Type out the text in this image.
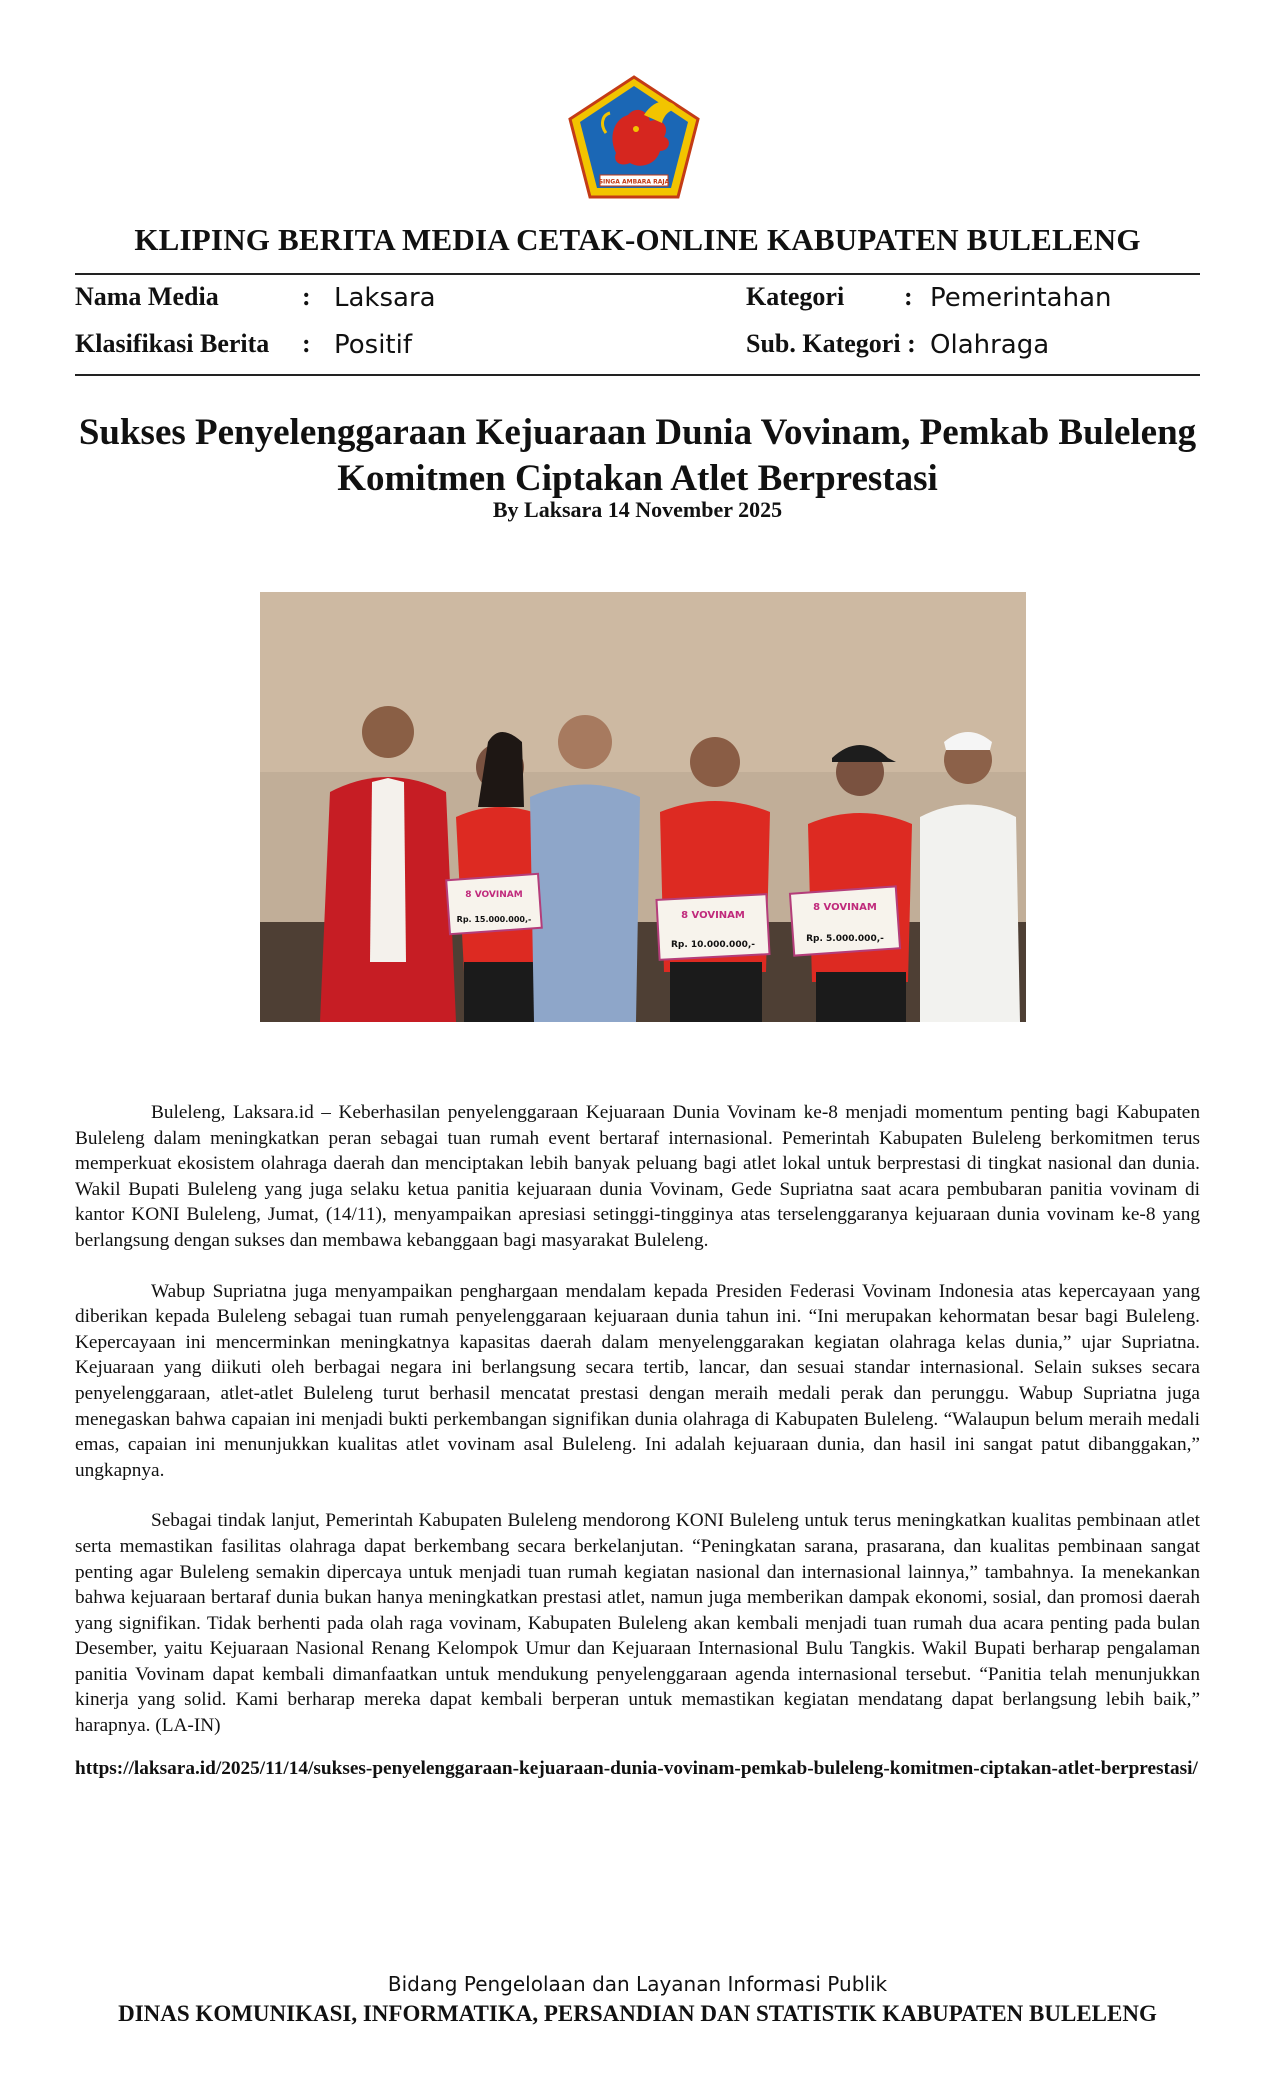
SINGA AMBARA RAJA
KLIPING BERITA MEDIA CETAK-ONLINE KABUPATEN BULELENG
Nama Media	: Laksara
Klasifikasi Berita : Positif
Kategori : Pemerintahan
Sub. Kategori : Olahraga
Sukses Penyelenggaraan Kejuaraan Dunia Vovinam, Pemkab Buleleng
Komitmen Ciptakan Atlet Berprestasi
By Laksara 14 November 2025
8 VOVINAM
Rp. 15.000.000,-	8 VOVINAM
Rp. 10.000.000,-
8 VOVINAM
Rp. 5.000.000,-

Buleleng, Laksara.id – Keberhasilan penyelenggaraan Kejuaraan Dunia Vovinam ke-8 menjadi momentum penting bagi Kabupaten Buleleng dalam meningkatkan peran sebagai tuan rumah event bertaraf internasional. Pemerintah Kabupaten Buleleng berkomitmen terus memperkuat ekosistem olahraga daerah dan menciptakan lebih banyak peluang bagi atlet lokal untuk berprestasi di tingkat nasional dan dunia. Wakil Bupati Buleleng yang juga selaku ketua panitia kejuaraan dunia Vovinam, Gede Supriatna saat acara pembubaran panitia vovinam di kantor KONI Buleleng, Jumat, (14/11), menyampaikan apresiasi setinggi-tingginya atas terselenggaranya kejuaraan dunia vovinam ke-8 yang berlangsung dengan sukses dan membawa kebanggaan bagi masyarakat Buleleng.

Wabup Supriatna juga menyampaikan penghargaan mendalam kepada Presiden Federasi Vovinam Indonesia atas kepercayaan yang diberikan kepada Buleleng sebagai tuan rumah penyelenggaraan kejuaraan dunia tahun ini. “Ini merupakan kehormatan besar bagi Buleleng. Kepercayaan ini mencerminkan meningkatnya kapasitas daerah dalam menyelenggarakan kegiatan olahraga kelas dunia,” ujar Supriatna. Kejuaraan yang diikuti oleh berbagai negara ini berlangsung secara tertib, lancar, dan sesuai standar internasional. Selain sukses secara penyelenggaraan, atlet-atlet Buleleng turut berhasil mencatat prestasi dengan meraih medali perak dan perunggu. Wabup Supriatna juga menegaskan bahwa capaian ini menjadi bukti perkembangan signifikan dunia olahraga di Kabupaten Buleleng. “Walaupun belum meraih medali emas, capaian ini menunjukkan kualitas atlet vovinam asal Buleleng. Ini adalah kejuaraan dunia, dan hasil ini sangat patut dibanggakan,” ungkapnya.

Sebagai tindak lanjut, Pemerintah Kabupaten Buleleng mendorong KONI Buleleng untuk terus meningkatkan kualitas pembinaan atlet serta memastikan fasilitas olahraga dapat berkembang secara berkelanjutan. “Peningkatan sarana, prasarana, dan kualitas pembinaan sangat penting agar Buleleng semakin dipercaya untuk menjadi tuan rumah kegiatan nasional dan internasional lainnya,” tambahnya. Ia menekankan bahwa kejuaraan bertaraf dunia bukan hanya meningkatkan prestasi atlet, namun juga memberikan dampak ekonomi, sosial, dan promosi daerah yang signifikan. Tidak berhenti pada olah raga vovinam, Kabupaten Buleleng akan kembali menjadi tuan rumah dua acara penting pada bulan Desember, yaitu Kejuaraan Nasional Renang Kelompok Umur dan Kejuaraan Internasional Bulu Tangkis. Wakil Bupati berharap pengalaman panitia Vovinam dapat kembali dimanfaatkan untuk mendukung penyelenggaraan agenda internasional tersebut. “Panitia telah menunjukkan kinerja yang solid. Kami berharap mereka dapat kembali berperan untuk memastikan kegiatan mendatang dapat berlangsung lebih baik,” harapnya. (LA-IN)

https://laksara.id/2025/11/14/sukses-penyelenggaraan-kejuaraan-dunia-vovinam-pemkab-buleleng-komitmen-ciptakan-atlet-berprestasi/
Bidang Pengelolaan dan Layanan Informasi Publik
DINAS KOMUNIKASI, INFORMATIKA, PERSANDIAN DAN STATISTIK KABUPATEN BULELENG
